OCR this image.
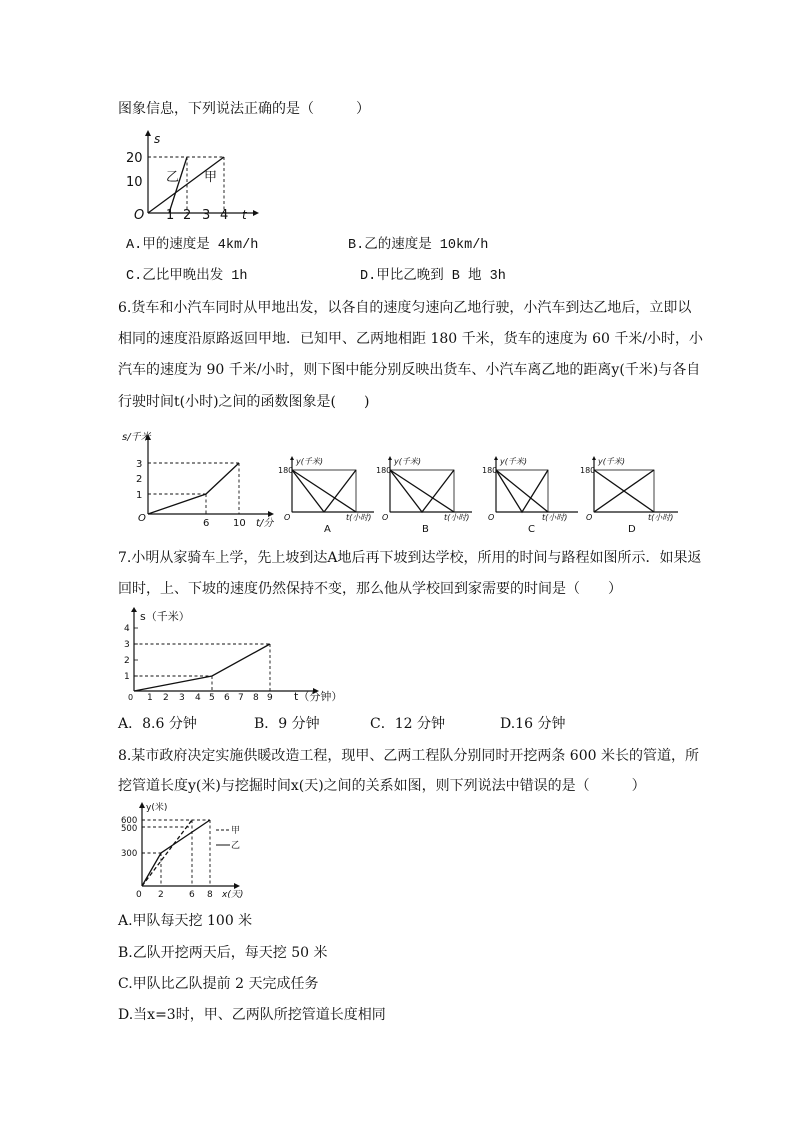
图象信息，下列说法正确的是（　　　）
s
20
10
O 1 2 3 4 t
乙 甲
A.甲的速度是 4km/h	B.乙的速度是 10km/h
C.乙比甲晚出发 1h	D.甲比乙晚到 B 地 3h
6.货车和小汽车同时从甲地出发，以各自的速度匀速向乙地行驶，小汽车到达乙地后，立即以
相同的速度沿原路返回甲地．已知甲、乙两地相距 180 千米，货车的速度为 60 千米/小时，小
汽车的速度为 90 千米/小时，则下图中能分别反映出货车、小汽车离乙地的距离y(千米)与各自
行驶时间t(小时)之间的函数图象是(　　)
s/千米
3
2
1
O	6 10 t/分
y(千米)
180
O	t(小时)
A
y(千米)
180
O	t(小时)
B
y(千米)
180
O	t(小时)
C
y(千米)
180
O	t(小时)
D
7.小明从家骑车上学，先上坡到达A地后再下坡到达学校，所用的时间与路程如图所示．如果返
回时，上、下坡的速度仍然保持不变，那么他从学校回到家需要的时间是（　　）
s（千米）
4
3
2
1
0 1 2 3 4 5 6 7 8 9 t（分钟）
A．8.6 分钟	B．9 分钟	C．12 分钟	D.16 分钟
8.某市政府决定实施供暖改造工程，现甲、乙两工程队分别同时开挖两条 600 米长的管道，所
挖管道长度y(米)与挖掘时间x(天)之间的关系如图，则下列说法中错误的是（　　　）
甲
乙
y(米)
600
500
300
0 2	6 8 x(天)
A.甲队每天挖 100 米
B.乙队开挖两天后，每天挖 50 米
C.甲队比乙队提前 2 天完成任务
D.当x=3时，甲、乙两队所挖管道长度相同
